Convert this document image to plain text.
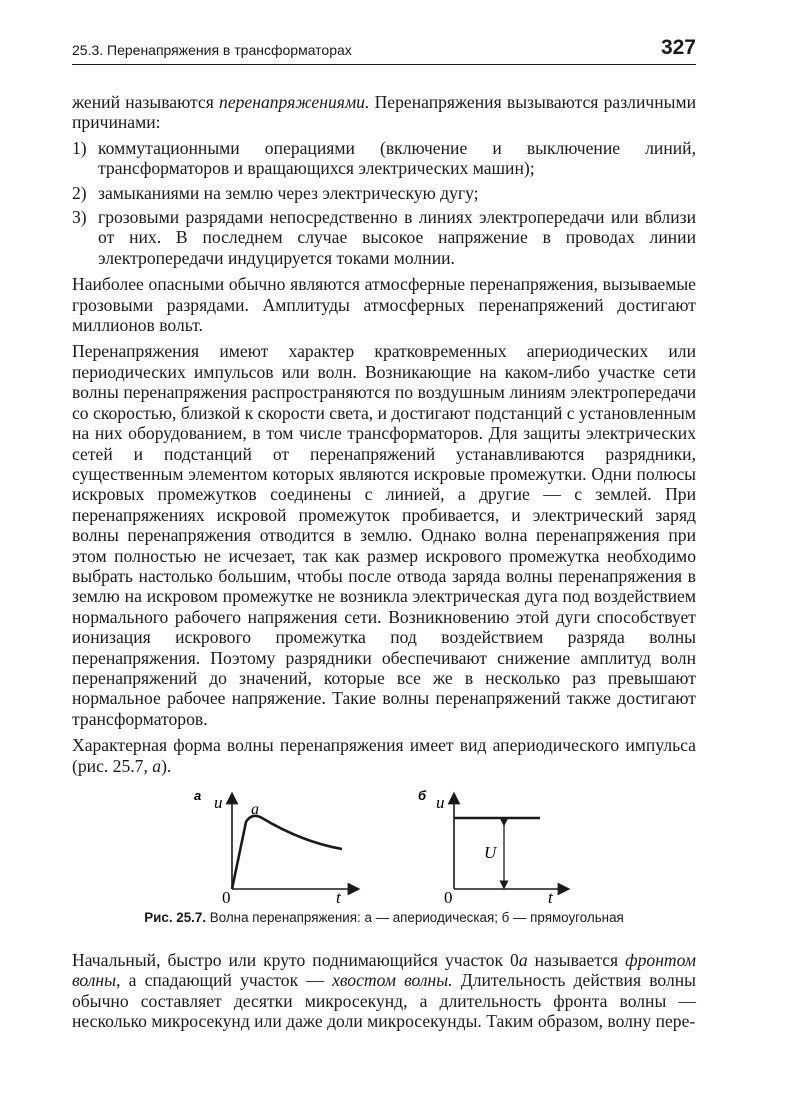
25.3. Перенапряжения в трансформаторах	327

жений называются перенапряжениями. Перенапряжения вызываются различными причинами:

1) коммутационными операциями (включение и выключение линий, трансформаторов и вращающихся электрических машин);
2) замыканиями на землю через электрическую дугу;
3) грозовыми разрядами непосредственно в линиях электропередачи или вблизи от них. В последнем случае высокое напряжение в проводах линии электропередачи индуцируется токами молнии.

Наиболее опасными обычно являются атмосферные перенапряжения, вызываемые грозовыми разрядами. Амплитуды атмосферных перенапряжений достигают миллионов вольт.

Перенапряжения имеют характер кратковременных апериодических или периодических импульсов или волн. Возникающие на каком-либо участке сети волны перенапряжения распространяются по воздушным линиям электропередачи со скоростью, близкой к скорости света, и достигают подстанций с установленным на них оборудованием, в том числе трансформаторов. Для защиты электрических сетей и подстанций от перенапряжений устанавливаются разрядники, существенным элементом которых являются искровые промежутки. Одни полюсы искровых промежутков соединены с линией, а другие — с землей. При перенапряжениях искровой промежуток пробивается, и электрический заряд волны перенапряжения отводится в землю. Однако волна перенапряжения при этом полностью не исчезает, так как размер искрового промежутка необходимо выбрать настолько большим, чтобы после отвода заряда волны перенапряжения в землю на искровом промежутке не возникла электрическая дуга под воздействием нормального рабочего напряжения сети. Возникновению этой дуги способствует ионизация искрового промежутка под воздействием разряда волны перенапряжения. Поэтому разрядники обеспечивают снижение амплитуд волн перенапряжений до значений, которые все же в несколько раз превышают нормальное рабочее напряжение. Такие волны перенапряжений также достигают трансформаторов.

Характерная форма волны перенапряжения имеет вид апериодического импульса (рис. 25.7, а).

а u a
0	t
б u
U
0	t
Рис. 25.7. Волна перенапряжения: а — апериодическая; б — прямоугольная

Начальный, быстро или круто поднимающийся участок 0а называется фронтом волны, а спадающий участок — хвостом волны. Длительность действия волны обычно составляет десятки микросекунд, а длительность фронта волны — несколько микросекунд или даже доли микросекунды. Таким образом, волну пере-
